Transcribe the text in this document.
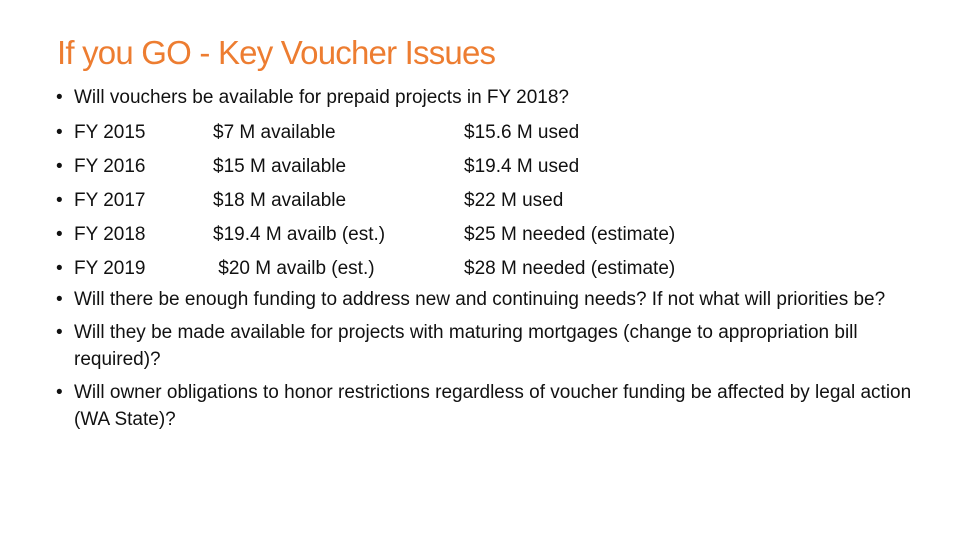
If you GO - Key Voucher Issues
• Will vouchers be available for prepaid projects in FY 2018?
• FY 2015	$7 M available	$15.6 M used
• FY 2016	$15 M available	$19.4 M used
• FY 2017	$18 M available	$22 M used
• FY 2018	$19.4 M availb (est.)	$25 M needed (estimate)
• FY 2019	$20 M availb (est.)	$28 M needed (estimate)
• Will there be enough funding to address new and continuing needs? If not what will priorities be?
• Will they be made available for projects with maturing mortgages (change to appropriation bill required)?
• Will owner obligations to honor restrictions regardless of voucher funding be affected by legal action (WA State)?
